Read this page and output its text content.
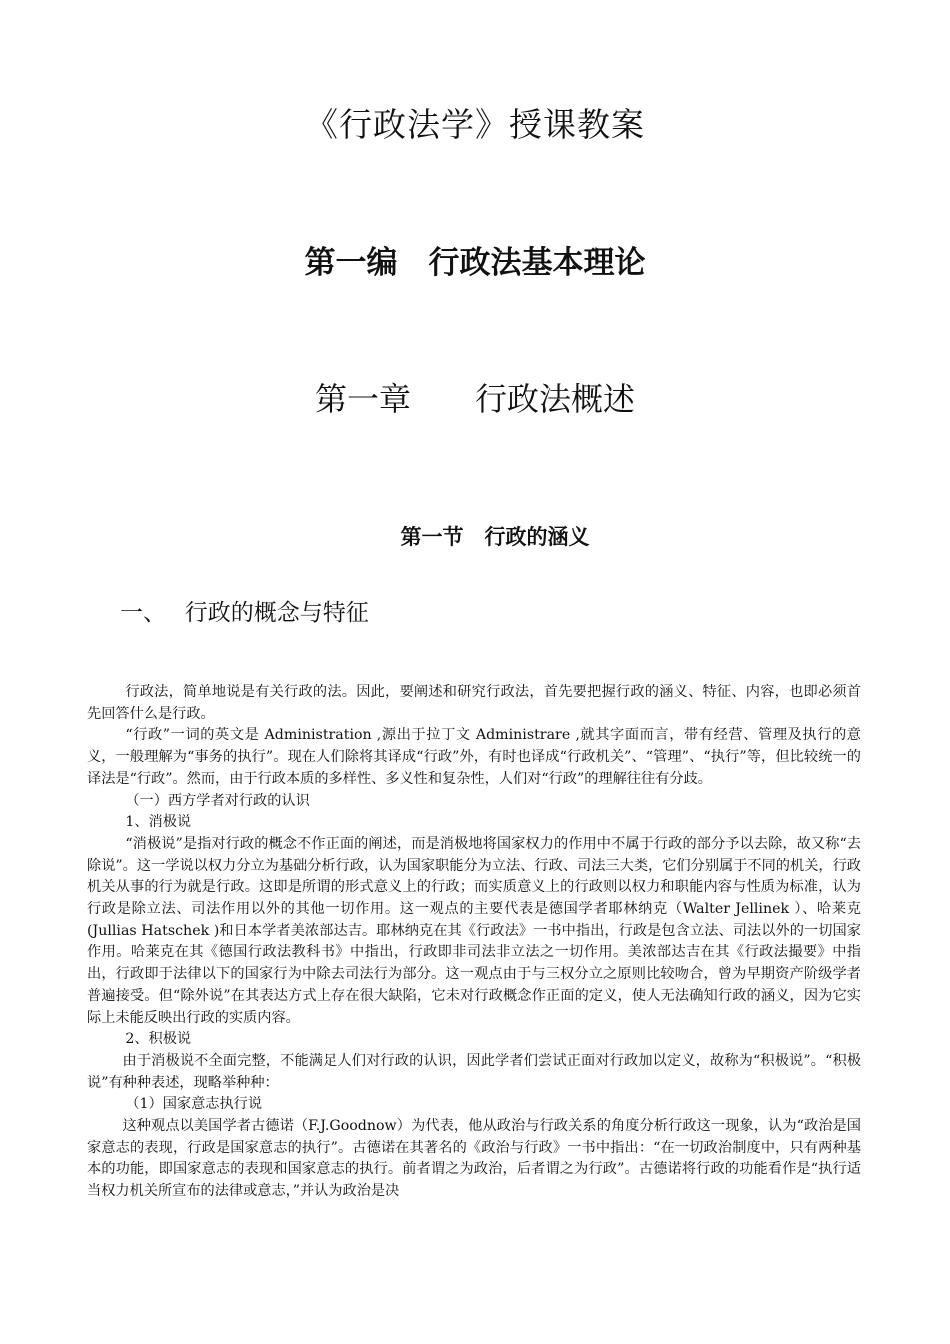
《行政法学》授课教案
第一编　行政法基本理论
第一章　　行政法概述
第一节　行政的涵义
一、　 行政的概念与特征

行政法，简单地说是有关行政的法。因此，要阐述和研究行政法，首先要把握行政的涵义、特征、内容，也即必须首先回答什么是行政。

“行政”一词的英文是 Administration ,源出于拉丁文 Administrare ,就其字面而言，带有经营、管理及执行的意义，一般理解为“事务的执行”。现在人们除将其译成“行政”外，有时也译成“行政机关”、“管理”、“执行”等，但比较统一的译法是“行政”。然而，由于行政本质的多样性、多义性和复杂性，人们对“行政”的理解往往有分歧。

（一）西方学者对行政的认识

1、消极说

“消极说”是指对行政的概念不作正面的阐述，而是消极地将国家权力的作用中不属于行政的部分予以去除，故又称“去除说”。这一学说以权力分立为基础分析行政，认为国家职能分为立法、行政、司法三大类，它们分别属于不同的机关，行政机关从事的行为就是行政。这即是所谓的形式意义上的行政；而实质意义上的行政则以权力和职能内容与性质为标准，认为行政是除立法、司法作用以外的其他一切作用。这一观点的主要代表是德国学者耶林纳克（Walter Jellinek ）、哈莱克(Jullias Hatschek )和日本学者美浓部达吉。耶林纳克在其《行政法》一书中指出，行政是包含立法、司法以外的一切国家作用。哈莱克在其《德国行政法教科书》中指出，行政即非司法非立法之一切作用。美浓部达吉在其《行政法撮要》中指出，行政即于法律以下的国家行为中除去司法行为部分。这一观点由于与三权分立之原则比较吻合，曾为早期资产阶级学者普遍接受。但“除外说”在其表达方式上存在很大缺陷，它未对行政概念作正面的定义，使人无法确知行政的涵义，因为它实际上未能反映出行政的实质内容。

2、积极说

由于消极说不全面完整，不能满足人们对行政的认识，因此学者们尝试正面对行政加以定义，故称为“积极说”。“积极说”有种种表述，现略举种种：

（1）国家意志执行说

这种观点以美国学者古德诺（F.J.Goodnow）为代表，他从政治与行政关系的角度分析行政这一现象，认为“政治是国家意志的表现，行政是国家意志的执行”。古德诺在其著名的《政治与行政》一书中指出：“在一切政治制度中，只有两种基本的功能，即国家意志的表现和国家意志的执行。前者谓之为政治，后者谓之为行政”。古德诺将行政的功能看作是“执行适当权力机关所宣布的法律或意志，”并认为政治是决
